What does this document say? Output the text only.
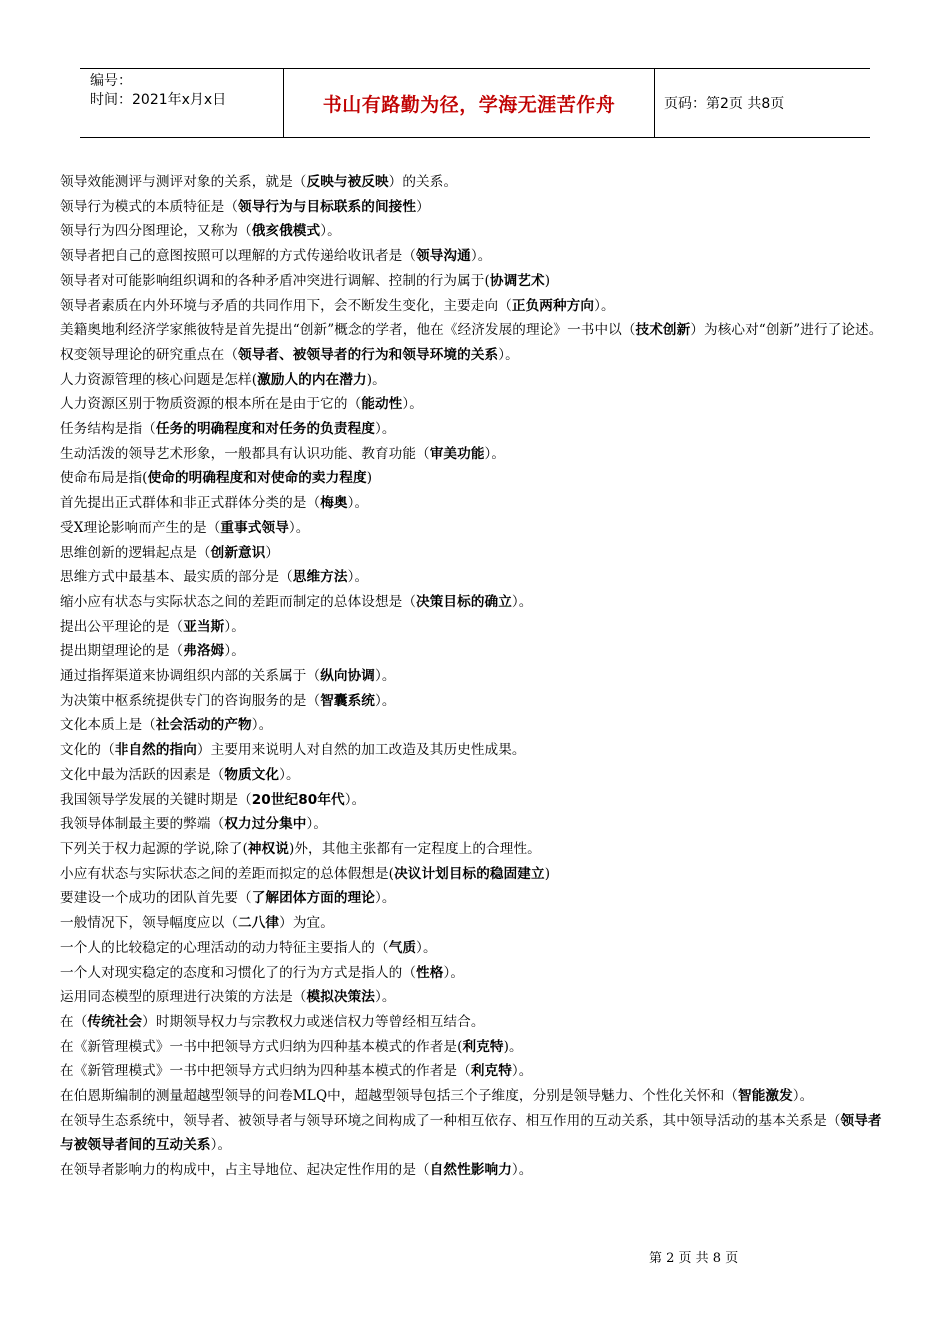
编号：
时间：2021年x月x日	书山有路勤为径，学海无涯苦作舟	页码：第2页 共8页
领导效能测评与测评对象的关系，就是（反映与被反映）的关系。
领导行为模式的本质特征是（领导行为与目标联系的间接性）
领导行为四分图理论，又称为（俄亥俄模式）。
领导者把自己的意图按照可以理解的方式传递给收讯者是（领导沟通）。
领导者对可能影响组织调和的各种矛盾冲突进行调解、控制的行为属于(协调艺术)
领导者素质在内外环境与矛盾的共同作用下，会不断发生变化，主要走向（正负两种方向）。
美籍奥地利经济学家熊彼特是首先提出“创新”概念的学者，他在《经济发展的理论》一书中以（技术创新）为核心对“创新”进行了论述。
权变领导理论的研究重点在（领导者、被领导者的行为和领导环境的关系）。
人力资源管理的核心问题是怎样(激励人的内在潜力)。
人力资源区别于物质资源的根本所在是由于它的（能动性）。
任务结构是指（任务的明确程度和对任务的负责程度）。
生动活泼的领导艺术形象，一般都具有认识功能、教育功能（审美功能）。
使命布局是指(使命的明确程度和对使命的卖力程度)
首先提出正式群体和非正式群体分类的是（梅奥）。
受X理论影响而产生的是（重事式领导）。
思维创新的逻辑起点是（创新意识）
思维方式中最基本、最实质的部分是（思维方法）。
缩小应有状态与实际状态之间的差距而制定的总体设想是（决策目标的确立）。
提出公平理论的是（亚当斯）。
提出期望理论的是（弗洛姆）。
通过指挥渠道来协调组织内部的关系属于（纵向协调）。
为决策中枢系统提供专门的咨询服务的是（智囊系统）。
文化本质上是（社会活动的产物）。
文化的（非自然的指向）主要用来说明人对自然的加工改造及其历史性成果。
文化中最为活跃的因素是（物质文化）。
我国领导学发展的关键时期是（20世纪80年代）。
我领导体制最主要的弊端（权力过分集中）。
下列关于权力起源的学说,除了(神权说)外，其他主张都有一定程度上的合理性。
小应有状态与实际状态之间的差距而拟定的总体假想是(决议计划目标的稳固建立)
要建设一个成功的团队首先要（了解团体方面的理论）。
一般情况下，领导幅度应以（二八律）为宜。
一个人的比较稳定的心理活动的动力特征主要指人的（气质）。
一个人对现实稳定的态度和习惯化了的行为方式是指人的（性格）。
运用同态模型的原理进行决策的方法是（模拟决策法）。
在（传统社会）时期领导权力与宗教权力或迷信权力等曾经相互结合。
在《新管理模式》一书中把领导方式归纳为四种基本模式的作者是(利克特)。
在《新管理模式》一书中把领导方式归纳为四种基本模式的作者是（利克特）。
在伯恩斯编制的测量超越型领导的问卷MLQ中，超越型领导包括三个子维度，分别是领导魅力、个性化关怀和（智能激发）。
在领导生态系统中，领导者、被领导者与领导环境之间构成了一种相互依存、相互作用的互动关系，其中领导活动的基本关系是（领导者与被领导者间的互动关系）。
在领导者影响力的构成中，占主导地位、起决定性作用的是（自然性影响力）。
第 2 页 共 8 页
